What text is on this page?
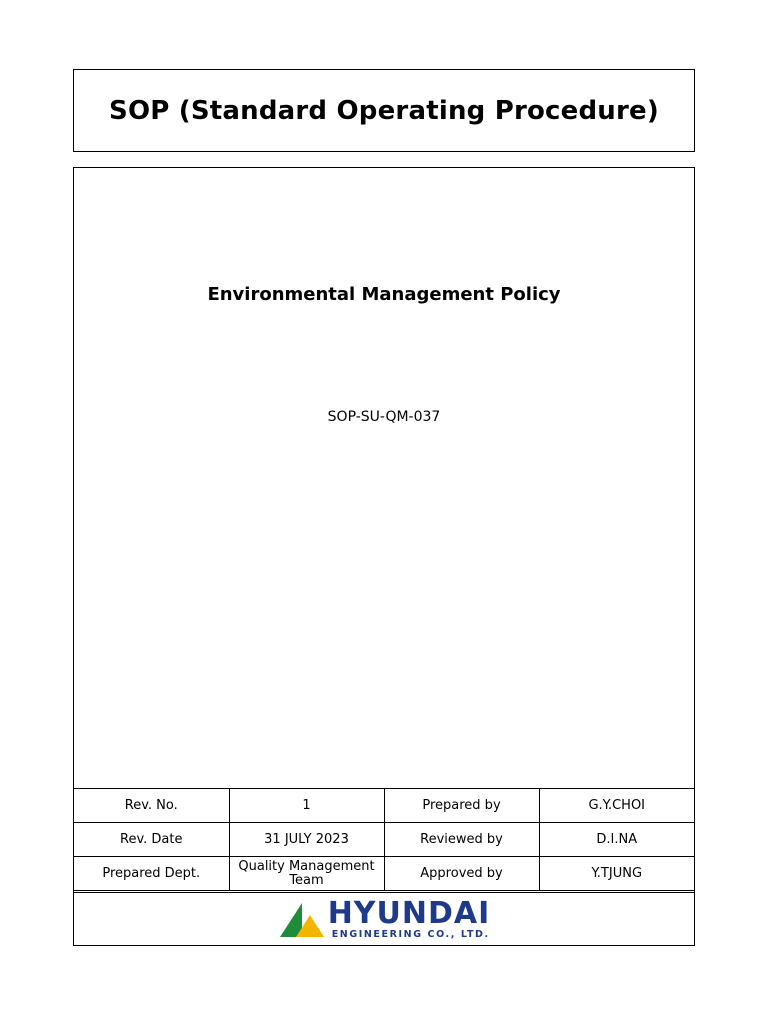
SOP (Standard Operating Procedure)
Environmental Management Policy
SOP-SU-QM-037
Rev. No.	1	Prepared by	G.Y.CHOI
Rev. Date	31 JULY 2023	Reviewed by	D.I.NA
Prepared Dept.	Quality Management Team	Approved by	Y.TJUNG
HYUNDAI
ENGINEERING CO., LTD.
